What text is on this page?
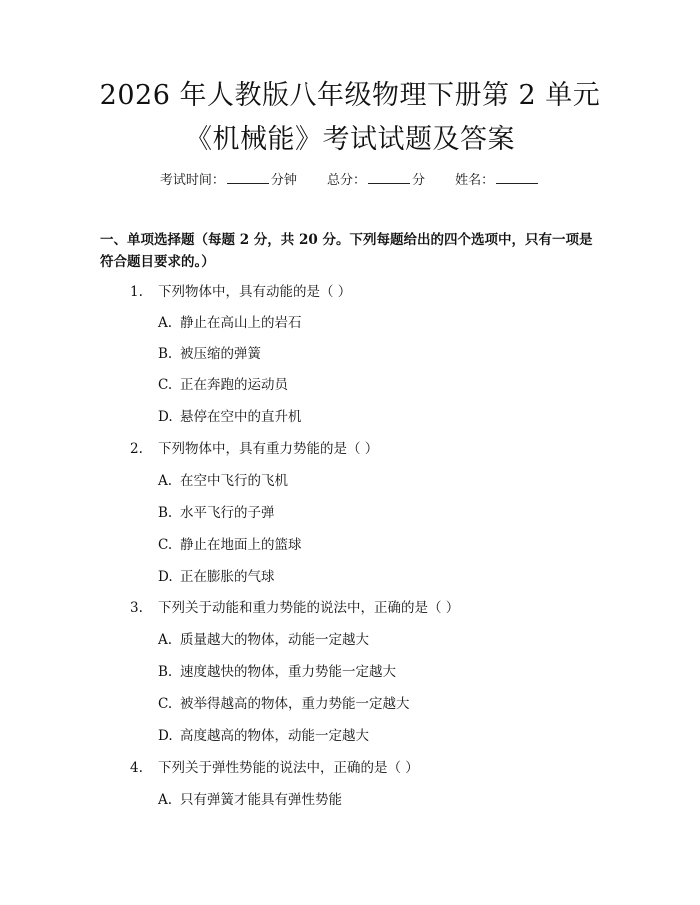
2026 年人教版八年级物理下册第 2 单元《机械能》考试试题及答案
考试时间：	分钟 总分：	分 姓名：
一、单项选择题（每题 2 分，共 20 分。下列每题给出的四个选项中，只有一项是符合题目要求的。）
1. 下列物体中，具有动能的是（ ）
A. 静止在高山上的岩石
B. 被压缩的弹簧
C. 正在奔跑的运动员
D. 悬停在空中的直升机
2. 下列物体中，具有重力势能的是（ ）
A. 在空中飞行的飞机
B. 水平飞行的子弹
C. 静止在地面上的篮球
D. 正在膨胀的气球
3. 下列关于动能和重力势能的说法中，正确的是（ ）
A. 质量越大的物体，动能一定越大
B. 速度越快的物体，重力势能一定越大
C. 被举得越高的物体，重力势能一定越大
D. 高度越高的物体，动能一定越大
4. 下列关于弹性势能的说法中，正确的是（ ）
A. 只有弹簧才能具有弹性势能
